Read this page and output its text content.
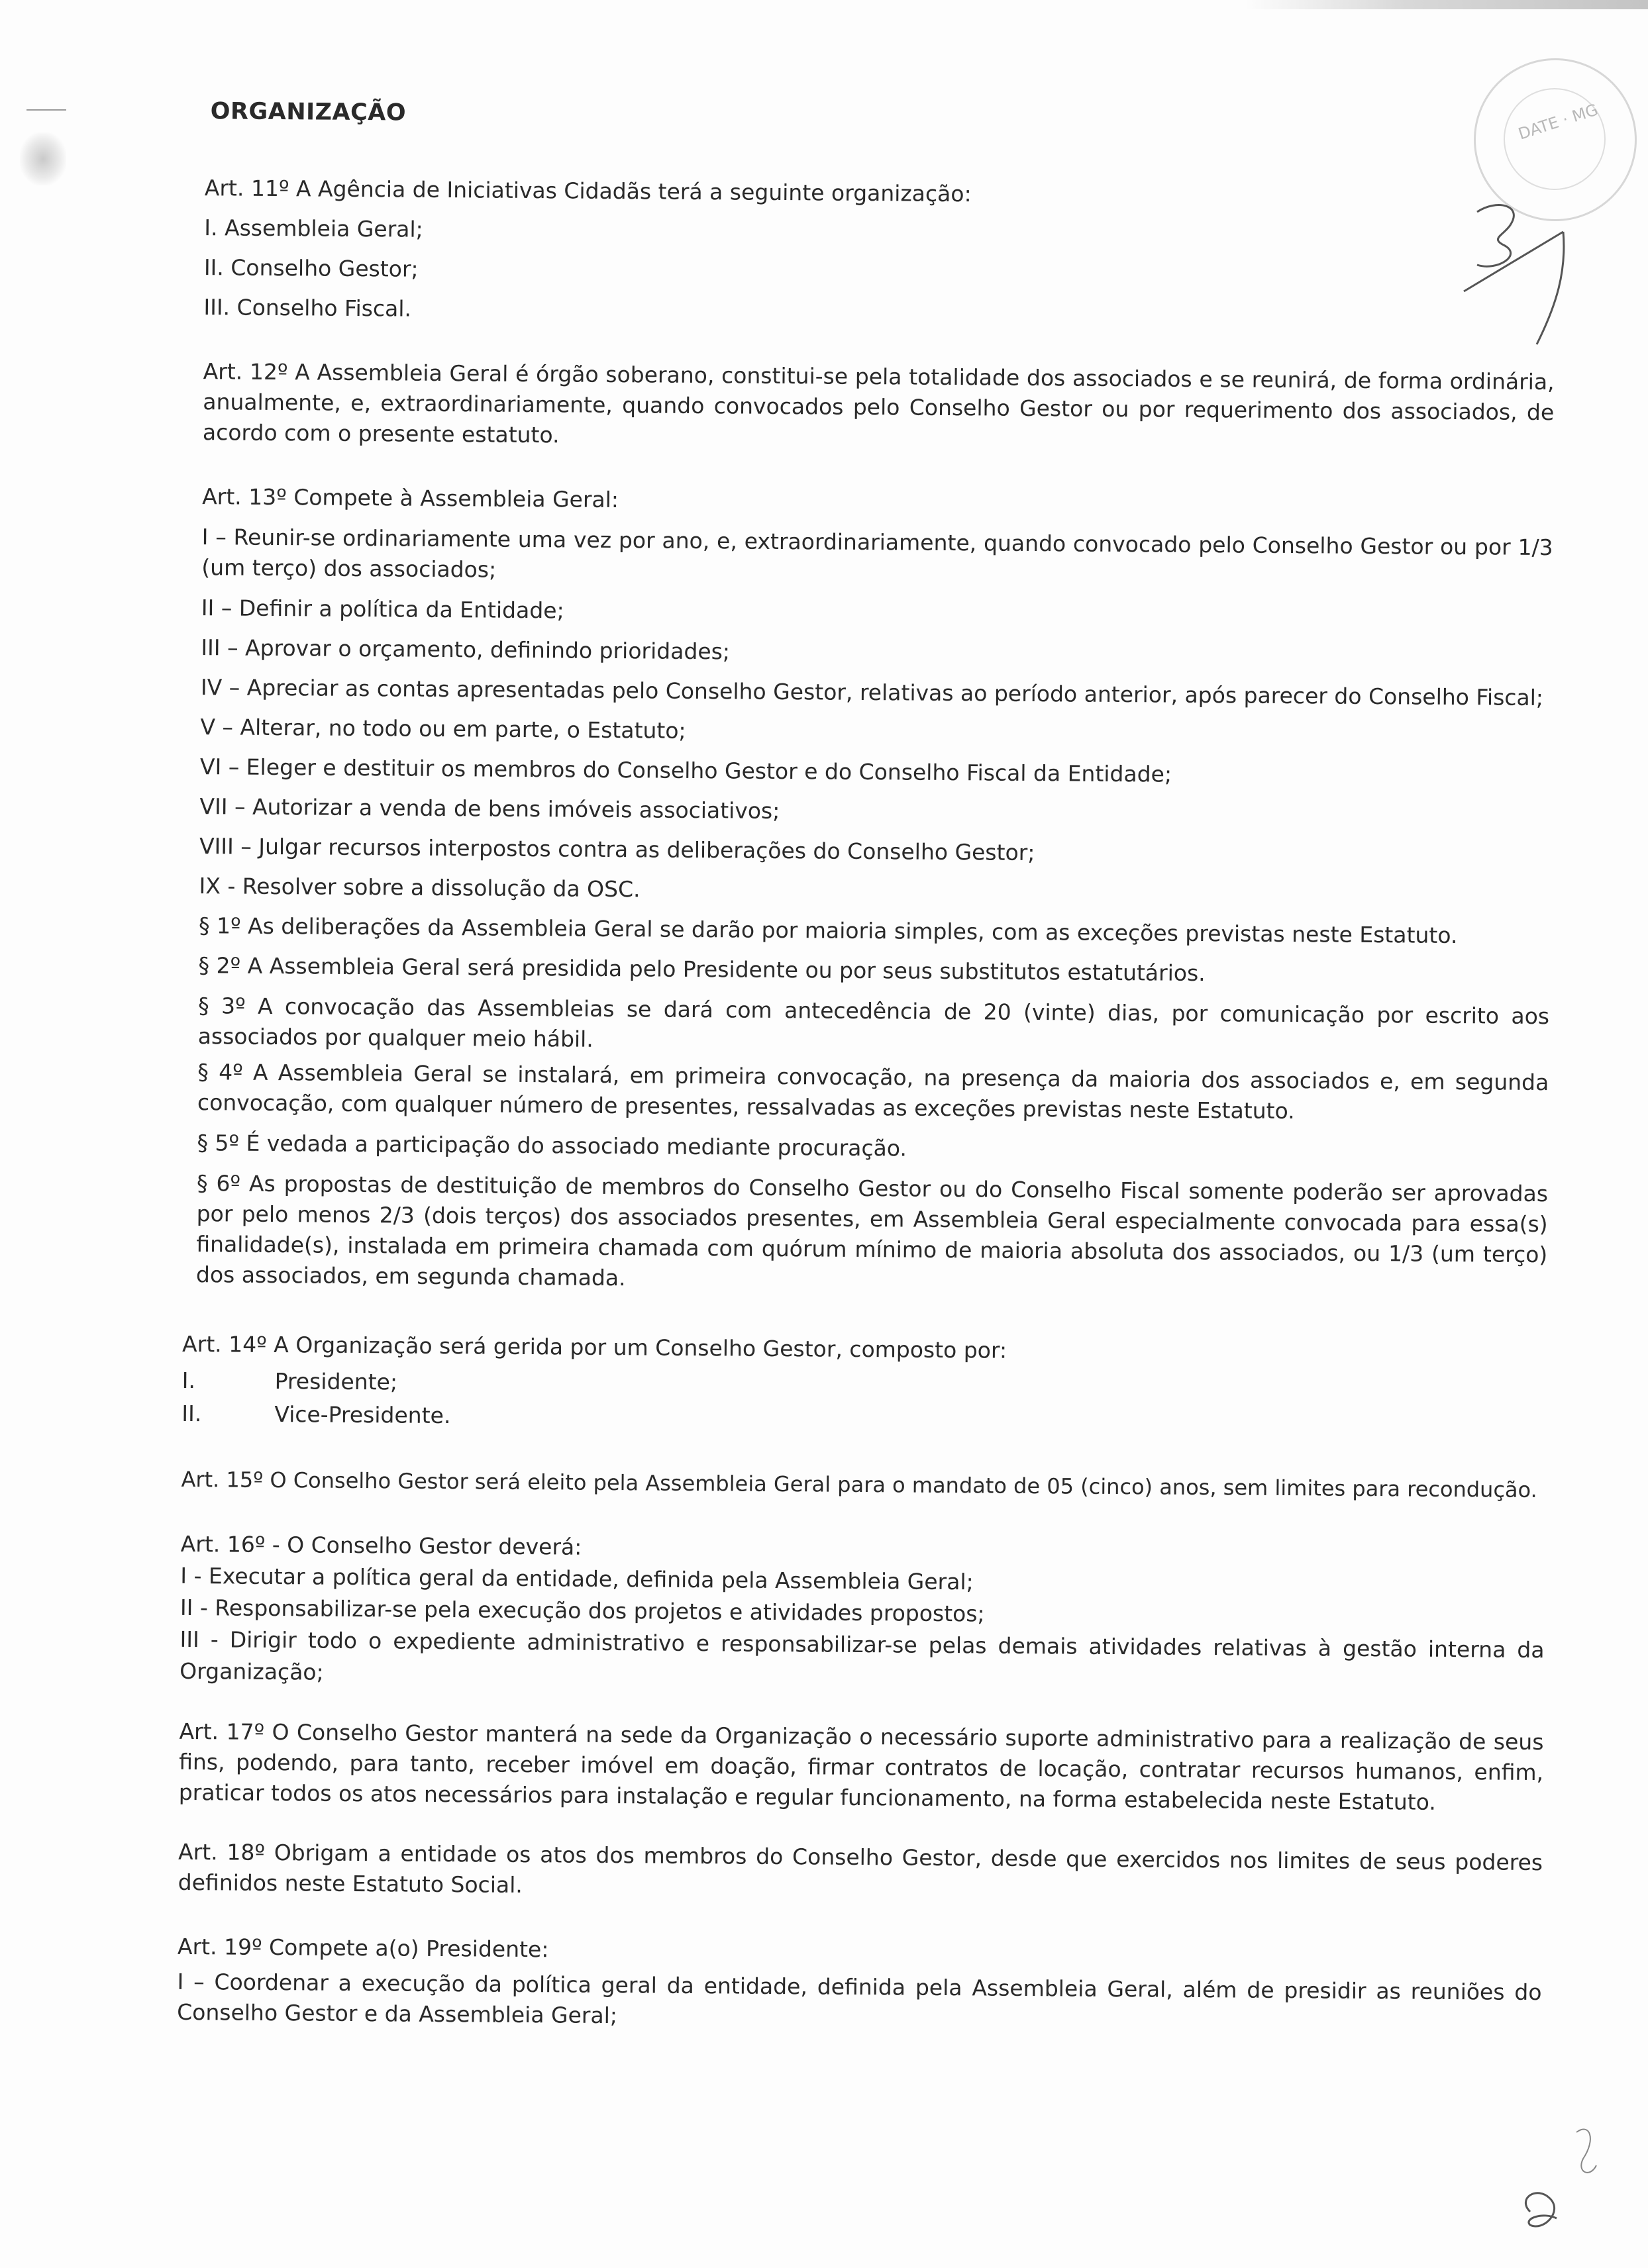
DATE · MG
ORGANIZAÇÃO
Art. 11º A Agência de Iniciativas Cidadãs terá a seguinte organização:
I. Assembleia Geral;
II. Conselho Gestor;
III. Conselho Fiscal.
Art. 12º A Assembleia Geral é órgão soberano, constitui-se pela totalidade dos associados e se reunirá, de forma ordinária, anualmente, e, extraordinariamente, quando convocados pelo Conselho Gestor ou por requerimento dos associados, de acordo com o presente estatuto.
Art. 13º Compete à Assembleia Geral:
I – Reunir-se ordinariamente uma vez por ano, e, extraordinariamente, quando convocado pelo Conselho Gestor ou por 1/3 (um terço) dos associados;
II – Definir a política da Entidade;
III – Aprovar o orçamento, definindo prioridades;
IV – Apreciar as contas apresentadas pelo Conselho Gestor, relativas ao período anterior, após parecer do Conselho Fiscal;
V – Alterar, no todo ou em parte, o Estatuto;
VI – Eleger e destituir os membros do Conselho Gestor e do Conselho Fiscal da Entidade;
VII – Autorizar a venda de bens imóveis associativos;
VIII – Julgar recursos interpostos contra as deliberações do Conselho Gestor;
IX - Resolver sobre a dissolução da OSC.
§ 1º As deliberações da Assembleia Geral se darão por maioria simples, com as exceções previstas neste Estatuto.
§ 2º A Assembleia Geral será presidida pelo Presidente ou por seus substitutos estatutários.
§ 3º A convocação das Assembleias se dará com antecedência de 20 (vinte) dias, por comunicação por escrito aos associados por qualquer meio hábil.
§ 4º A Assembleia Geral se instalará, em primeira convocação, na presença da maioria dos associados e, em segunda convocação, com qualquer número de presentes, ressalvadas as exceções previstas neste Estatuto.
§ 5º É vedada a participação do associado mediante procuração.
§ 6º As propostas de destituição de membros do Conselho Gestor ou do Conselho Fiscal somente poderão ser aprovadas por pelo menos 2/3 (dois terços) dos associados presentes, em Assembleia Geral especialmente convocada para essa(s) finalidade(s), instalada em primeira chamada com quórum mínimo de maioria absoluta dos associados, ou 1/3 (um terço) dos associados, em segunda chamada.
Art. 14º A Organização será gerida por um Conselho Gestor, composto por:
I.	Presidente;
II.	Vice-Presidente.
Art. 15º O Conselho Gestor será eleito pela Assembleia Geral para o mandato de 05 (cinco) anos, sem limites para recondução.
Art. 16º - O Conselho Gestor deverá:
I - Executar a política geral da entidade, definida pela Assembleia Geral;
II - Responsabilizar-se pela execução dos projetos e atividades propostos;
III - Dirigir todo o expediente administrativo e responsabilizar-se pelas demais atividades relativas à gestão interna da Organização;
Art. 17º O Conselho Gestor manterá na sede da Organização o necessário suporte administrativo para a realização de seus fins, podendo, para tanto, receber imóvel em doação, firmar contratos de locação, contratar recursos humanos, enfim, praticar todos os atos necessários para instalação e regular funcionamento, na forma estabelecida neste Estatuto.
Art. 18º Obrigam a entidade os atos dos membros do Conselho Gestor, desde que exercidos nos limites de seus poderes definidos neste Estatuto Social.
Art. 19º Compete a(o) Presidente:
I – Coordenar a execução da política geral da entidade, definida pela Assembleia Geral, além de presidir as reuniões do Conselho Gestor e da Assembleia Geral;
